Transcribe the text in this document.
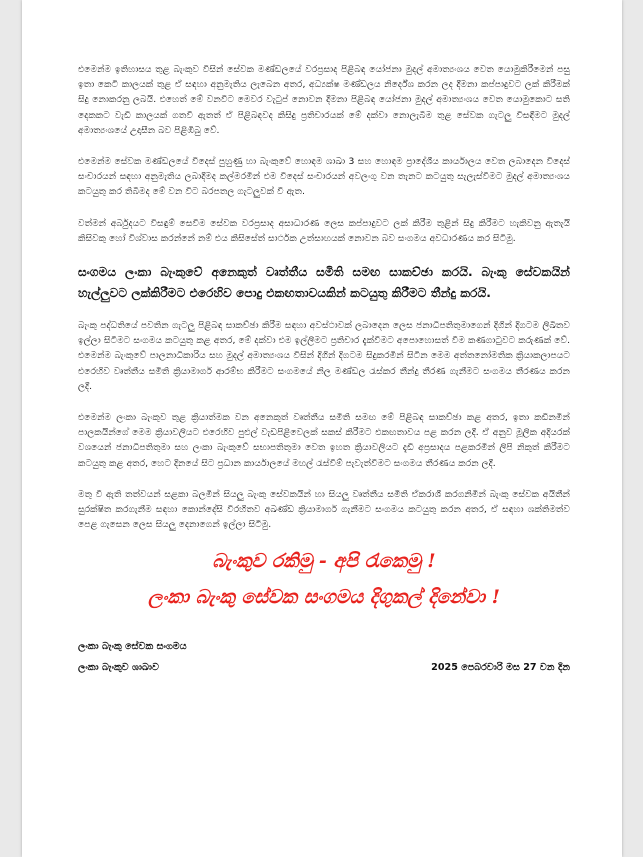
එමෙන්ම ඉතිහාසය තුළ බැංකුව විසින් සේවක මණ්ඩලයේ වරප්‍රසාද පිළිබඳ යෝජනා මුදල් අමාත්‍යංශය වෙත යොමුකිරීමෙන් පසු ඉතා කෙටි කාලයක් තුළ ඒ සඳහා අනුමැතිය ලැබෙන අතර, අධ්‍යක්ෂ මණ්ඩලය නිර්දේශ කරන ලද දීමනා කප්පාදුවට ලක් කිරීමක් සිදු නොකරනු ලබයි. එහෙත් මේ වනවිට මෙවර වැටුප් නොවන දීමනා පිළිබඳ යෝජනා මුදල් අමාත්‍යංශය වෙත යොමුකොට සති දෙකකට වැඩි කාලයක් ගතවී ඇතත් ඒ පිළිබඳවද කිසිදු ප්‍රතිචාරයක් මේ දක්වා නොලැබීම තුළ සේවක ගැටලු විසඳීමට මුදල් අමාත්‍යංශයේ උදාසීන බව පිළිඹිබු වේ.

එමෙන්ම සේවක මණ්ඩලයේ විදෙස් පුහුණු හා බැංකුවේ හොඳම ශාඛා 3 සහ හොඳම ප්‍රාදේශීය කාර්යාලය වෙත ලබාදෙන විදෙස් සංචාරයන් සඳහා අනුමැතිය ලබාදීමද කල්මරමින් එම විදෙස් සංචාරයන් අවලංගු වන තැනට කටයුතු සැලැස්වීමට මුදල් අමාත්‍යංශය කටයුතු කර තිබීමද මේ වන විට බරපතල ගැටලුවක් වී ඇත.

වත්මන් අර්බුදයට විසඳුම් සෙවීම සේවක වරප්‍රසාද අසාධාරණ ලෙස කප්පාදුවට ලක් කිරීම තුළින් සිදු කිරීමට හැකිවනු ඇතැයි කිසිවකු හෝ විශ්වාස කරන්නේ නම් එය කිසිසේත් සාර්ථක උත්සාහයක් නොවන බව සංගමය අවධාරණය කර සිටිමු.

සංගමය ලංකා බැංකුවේ අනෙකුත් වෘත්තීය සමිති සමඟ සාකච්ඡා කරයි. බැංකු සේවකයින් හැල්ලුවට ලක්කිරීමට එරෙහිව පොදු එකඟතාවයකින් කටයුතු කිරීමට තීන්දු කරයි.

බැංකු පද්ධතියේ පවතින ගැටලු පිළිබඳ සාකච්ඡා කිරීම සඳහා අවස්ථාවක් ලබාදෙන ලෙස ජනාධිපතිතුමාගෙන් දිගින් දිගටම ලිඛිතව ඉල්ලා සිටීමට සංගමය කටයුතු කළ අතර, මේ දක්වා එම ඉල්ලීමට ප්‍රතිචාර දැක්වීමට අපොහොසත් වීම කණගාටුවට කරුණක් වේ. එමෙන්ම බැංකුවේ පාලනාධිකාරිය සහ මුදල් අමාත්‍යංශය විසින් දිගින් දිගටම සිදුකරමින් සිටින මෙම අත්තනෝමතික ක්‍රියාකලාපයට එරෙහිව වෘත්තීය සමිති ක්‍රියාමාර්ග ආරම්භ කිරීමට සංගමයේ නිල මණ්ඩල රැස්කර තීන්දු තීරණ ගැනීමට සංගමය තීරණය කරන ලදී.

එමෙන්ම ලංකා බැංකුව තුළ ක්‍රියාත්මක වන අනෙකුත් වෘත්තීය සමිති සමඟ මේ පිළිබඳ සාකච්ඡා කළ අතර, ඉතා කඩිනමින් පාලකයින්ගේ මෙම ක්‍රියාවලියට එරෙහිව පුළුල් වැඩපිළිවෙලක් සකස් කිරීමට එකඟ‍තාවය පළ කරන ලදී. ඒ අනුව මූලික අදියරක් වශයෙන් ජනාධිපතිතුමා සහ ලංකා බැංකුවේ සභාපතිතුමා වෙත ඉහත ක්‍රියාවලියට දැඩි අප්‍රසාදය පළකරමින් ලිපි නිකුත් කිරීමට කටයුතු කළ අතර, හෙට දිනයේ සිට ප්‍රධාන කාර්යාලයේ මහල් රැස්වීම් පැවැත්වීමට සංගමය තීරණය කරන ලදී.

මතු වී ඇති තත්වයන් සළකා බලමින් සියලු බැංකු සේවකයින් හා සියලු වෘත්තීය සමිති ඒකරාශී කරගනිමින් බැංකු සේවක අයිතීන් සුරක්ෂිත කරගැනීම සඳහා කොන්දේසි විරහිතව අඛණ්ඩ ක්‍රියාමාර්ග ගැනීමට සංගමය කටයුතු කරන අතර, ඒ සඳහා ශක්තිමත්ව පෙළ ගැසෙන ලෙස සියලු දෙනාගෙන් ඉල්ලා සිටිමු.

බැංකුව රකිමු - අපි රැකෙමු !
ලංකා බැංකු සේවක සංගමය දිගුකල් දිනේවා !
ලංකා බැංකු සේවක සංගමය
ලංකා බැංකුව ශාඛාව	2025 පෙබරවාරි මස 27 වන දින
